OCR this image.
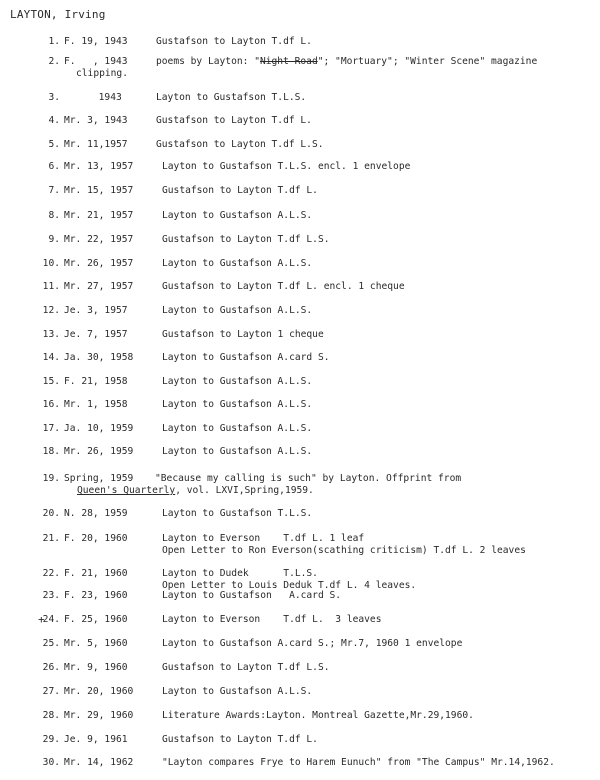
LAYTON, Irving
1. F. 19, 1943	Gustafson to Layton T.df L.
2. F.   , 1943	poems by Layton: "Night Road"; "Mortuary"; "Winter Scene" magazine
clipping.
3. 1943	Layton to Gustafson T.L.S.
4. Mr. 3, 1943	Gustafson to Layton T.df L.
5. Mr. 11,1957	Gustafson to Layton T.df L.S.
6. Mr. 13, 1957	Layton to Gustafson T.L.S. encl. 1 envelope
7. Mr. 15, 1957	Gustafson to Layton T.df L.
8. Mr. 21, 1957	Layton to Gustafson A.L.S.
9. Mr. 22, 1957	Gustafson to Layton T.df L.S.
10. Mr. 26, 1957	Layton to Gustafson A.L.S.
11. Mr. 27, 1957	Gustafson to Layton T.df L. encl. 1 cheque
12. Je. 3, 1957	Layton to Gustafson A.L.S.
13. Je. 7, 1957	Gustafson to Layton 1 cheque
14. Ja. 30, 1958	Layton to Gustafson A.card S.
15. F. 21, 1958	Layton to Gustafson A.L.S.
16. Mr. 1, 1958	Layton to Gustafson A.L.S.
17. Ja. 10, 1959	Layton to Gustafson A.L.S.
18. Mr. 26, 1959	Layton to Gustafson A.L.S.
19. Spring, 1959 "Because my calling is such" by Layton. Offprint from
Queen's Quarterly, vol. LXVI,Spring,1959.
20. N. 28, 1959	Layton to Gustafson T.L.S.
21. F. 20, 1960	Layton to Everson    T.df L. 1 leaf
Open Letter to Ron Everson(scathing criticism) T.df L. 2 leaves
22. F. 21, 1960	Layton to Dudek      T.L.S.
Open Letter to Louis Deduk T.df L. 4 leaves.
23. F. 23, 1960	Layton to Gustafson   A.card S.
+
24. F. 25, 1960	Layton to Everson    T.df L.  3 leaves
25. Mr. 5, 1960	Layton to Gustafson A.card S.; Mr.7, 1960 1 envelope
26. Mr. 9, 1960	Gustafson to Layton T.df L.S.
27. Mr. 20, 1960	Layton to Gustafson A.L.S.
28. Mr. 29, 1960	Literature Awards:Layton. Montreal Gazette,Mr.29,1960.
29. Je. 9, 1961	Gustafson to Layton T.df L.
30. Mr. 14, 1962	"Layton compares Frye to Harem Eunuch" from "The Campus" Mr.14,1962.
